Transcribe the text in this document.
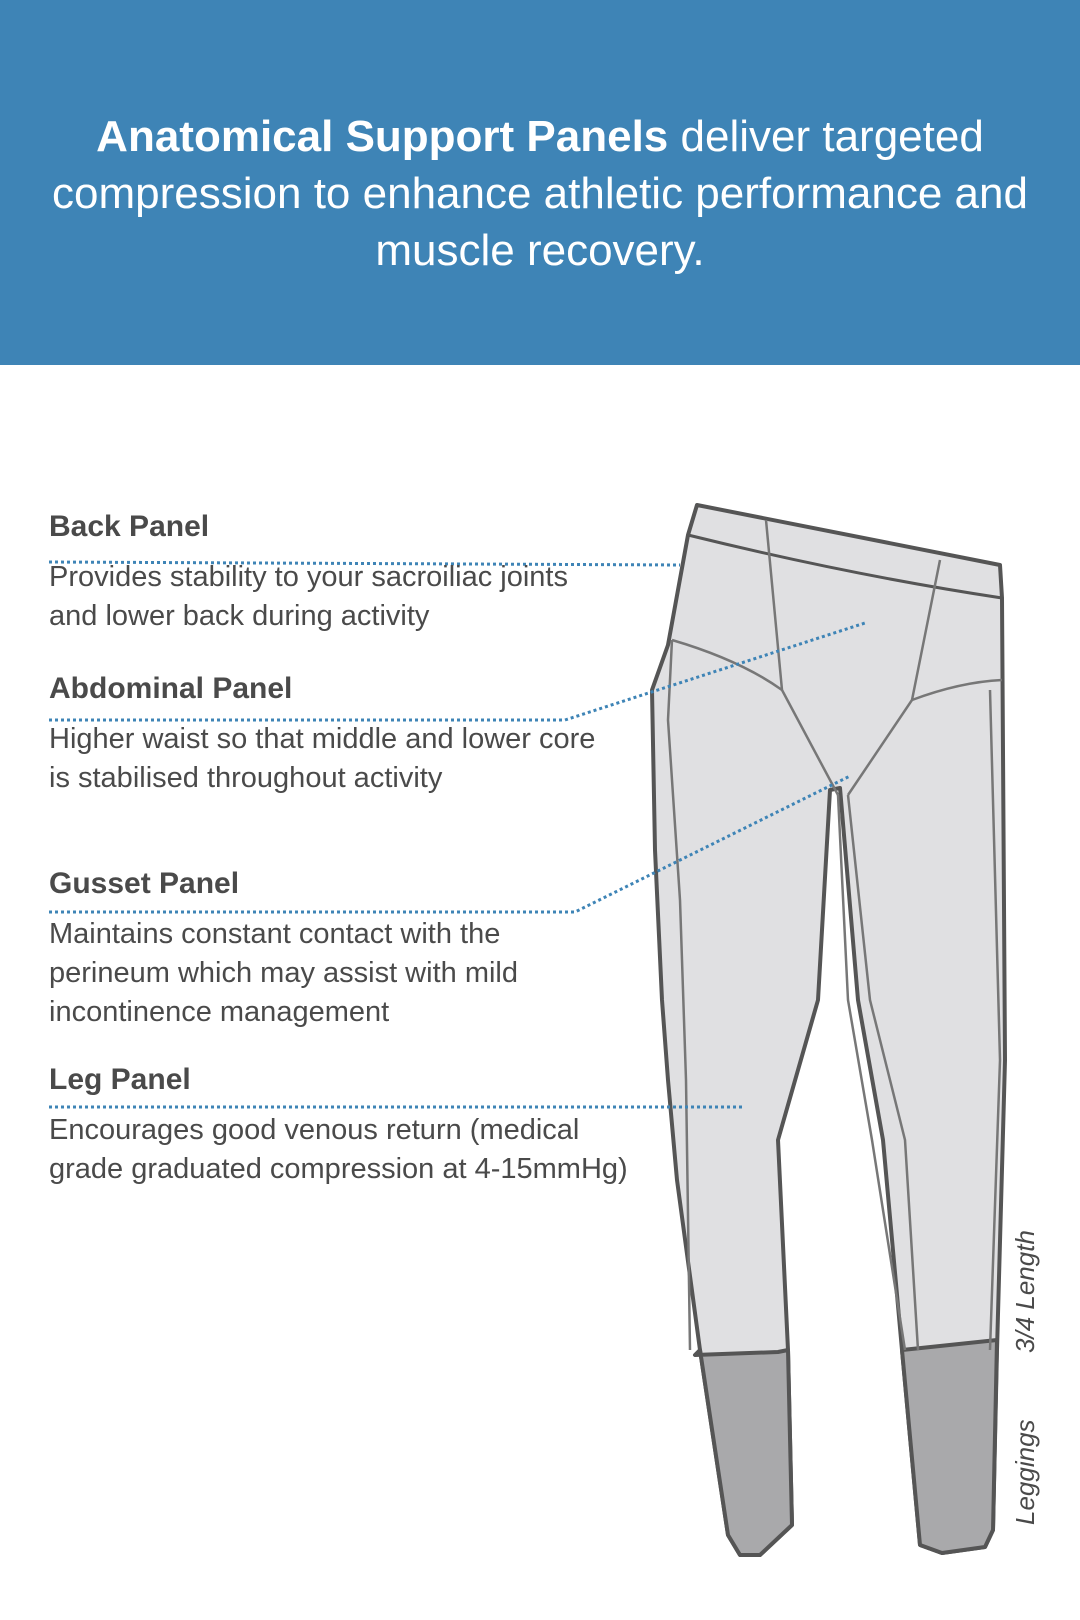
Anatomical Support Panels deliver targeted compression to enhance athletic performance and muscle recovery.
Back Panel
Provides stability to your sacroiliac joints and lower back during activity
Abdominal Panel
Higher waist so that middle and lower core is stabilised throughout activity
Gusset Panel
Maintains constant contact with the perineum which may assist with mild incontinence management
Leg Panel
Encourages good venous return (medical grade graduated compression at 4-15mmHg)
Leggings  3/4 Length
